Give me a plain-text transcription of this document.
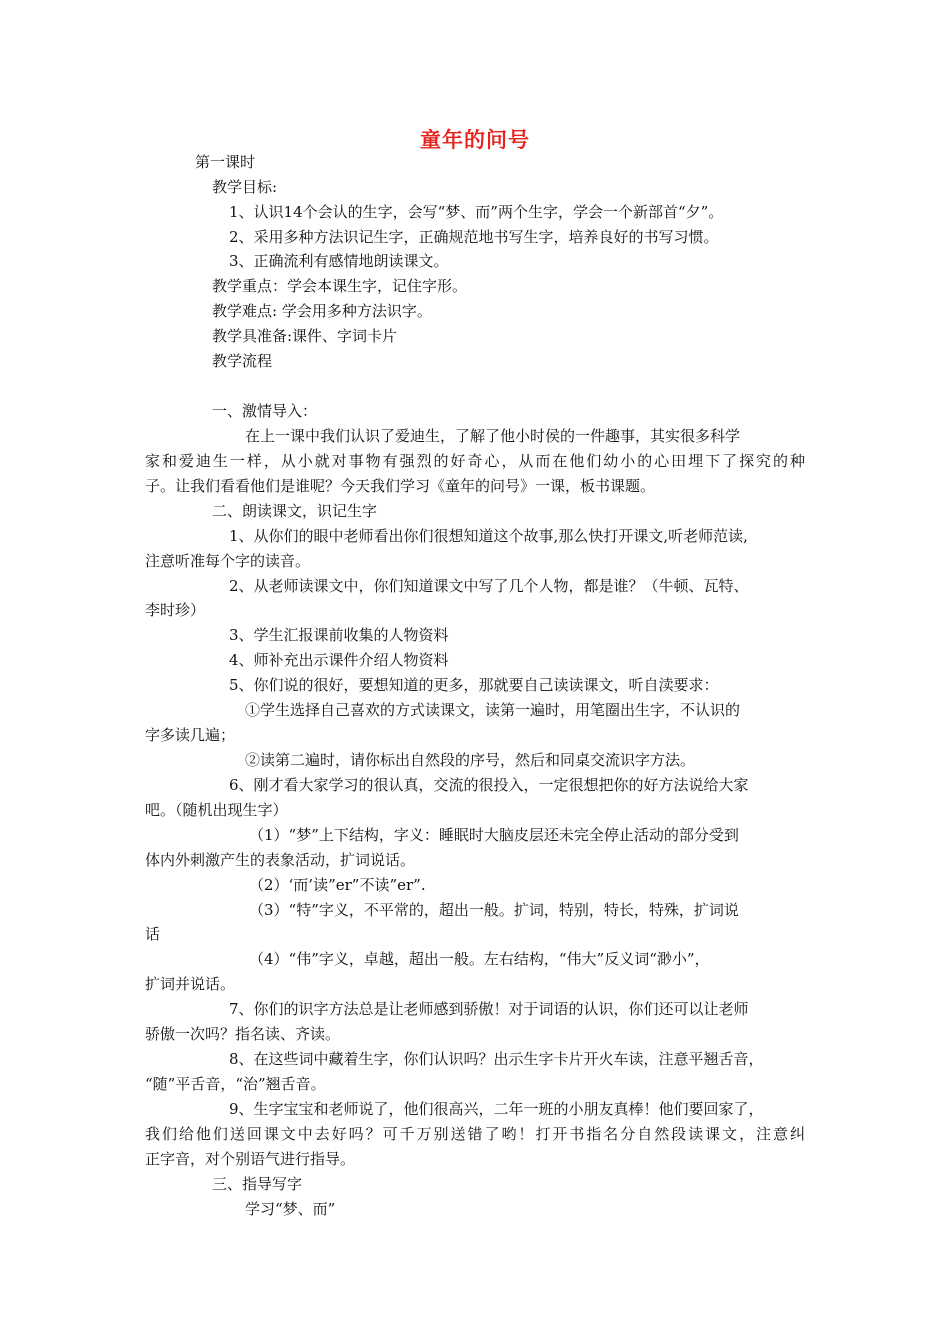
童年的问号
第一课时
教学目标:
1、认识14个会认的生字，会写“梦、而”两个生字，学会一个新部首“夕”。
2、采用多种方法识记生字，正确规范地书写生字，培养良好的书写习惯。
3、正确流利有感情地朗读课文。
教学重点：学会本课生字，记住字形。
教学难点: 学会用多种方法识字。
教学具准备:课件、字词卡片
教学流程
一、激情导入：
在上一课中我们认识了爱迪生，了解了他小时侯的一件趣事，其实很多科学
家和爱迪生一样，从小就对事物有强烈的好奇心，从而在他们幼小的心田埋下了探究的种
子。让我们看看他们是谁呢？今天我们学习《童年的问号》一课，板书课题。
二、朗读课文，识记生字
1、从你们的眼中老师看出你们很想知道这个故事,那么快打开课文,听老师范读,
注意听准每个字的读音。
2、从老师读课文中，你们知道课文中写了几个人物，都是谁？（牛顿、瓦特、
李时珍）
3、学生汇报课前收集的人物资料
4、师补充出示课件介绍人物资料
5、你们说的很好，要想知道的更多，那就要自己读读课文，听自渎要求：
①学生选择自己喜欢的方式读课文，读第一遍时，用笔圈出生字，不认识的
字多读几遍；
②读第二遍时，请你标出自然段的序号，然后和同桌交流识字方法。
6、刚才看大家学习的很认真，交流的很投入，一定很想把你的好方法说给大家
吧。（随机出现生字）
（1）“梦”上下结构，字义：睡眠时大脑皮层还未完全停止活动的部分受到
体内外刺激产生的表象活动，扩词说话。
（2）‘而’读”er”不读”er”.
（3）“特”字义，不平常的，超出一般。扩词，特别，特长，特殊，扩词说
话
（4）“伟”字义，卓越，超出一般。左右结构，“伟大”反义词“渺小”，
扩词并说话。
7、你们的识字方法总是让老师感到骄傲！对于词语的认识，你们还可以让老师
骄傲一次吗？指名读、齐读。
8、在这些词中藏着生字，你们认识吗？出示生字卡片开火车读，注意平翘舌音，
“随”平舌音，“治”翘舌音。
9、生字宝宝和老师说了，他们很高兴，二年一班的小朋友真棒！他们要回家了，
我们给他们送回课文中去好吗？可千万别送错了哟！打开书指名分自然段读课文，注意纠
正字音，对个别语气进行指导。
三、指导写字
学习“梦、而”
